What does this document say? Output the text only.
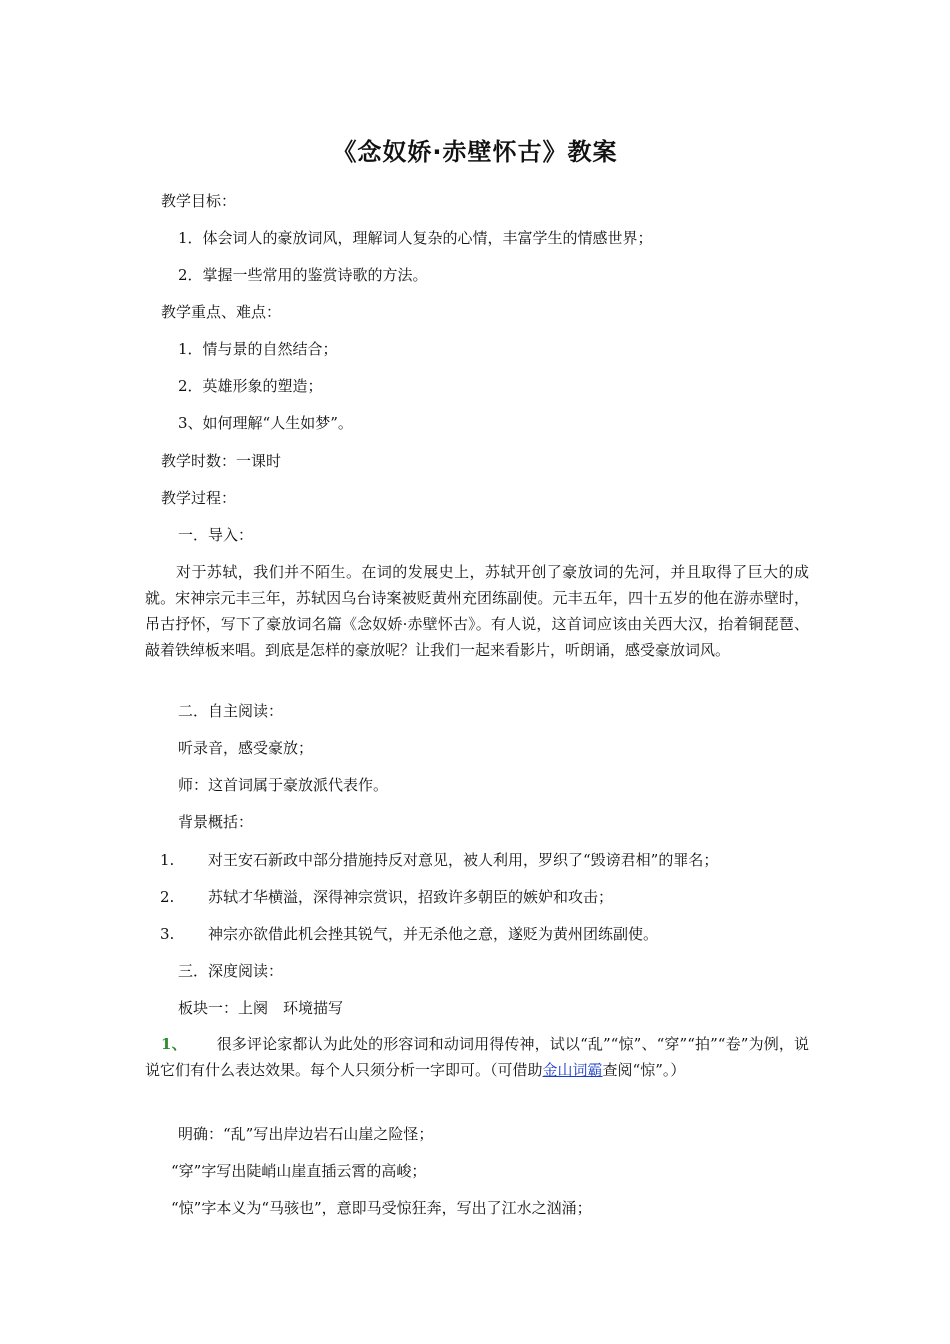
《念奴娇·赤壁怀古》教案
教学目标：
1．体会词人的豪放词风，理解词人复杂的心情，丰富学生的情感世界；
2．掌握一些常用的鉴赏诗歌的方法。
教学重点、难点：
1．情与景的自然结合；
2．英雄形象的塑造；
3、如何理解“人生如梦”。
教学时数：一课时
教学过程：
一．导入：
对于苏轼，我们并不陌生。在词的发展史上，苏轼开创了豪放词的先河，并且取得了巨大的成就。宋神宗元丰三年，苏轼因乌台诗案被贬黄州充团练副使。元丰五年，四十五岁的他在游赤壁时，吊古抒怀，写下了豪放词名篇《念奴娇·赤壁怀古》。有人说，这首词应该由关西大汉，抬着铜琵琶、敲着铁绰板来唱。到底是怎样的豪放呢？让我们一起来看影片，听朗诵，感受豪放词风。
二．自主阅读：
听录音，感受豪放；
师：这首词属于豪放派代表作。
背景概括：
1. 对王安石新政中部分措施持反对意见，被人利用，罗织了“毁谤君相”的罪名；
2. 苏轼才华横溢，深得神宗赏识，招致许多朝臣的嫉妒和攻击；
3. 神宗亦欲借此机会挫其锐气，并无杀他之意，遂贬为黄州团练副使。
三．深度阅读：
板块一：上阕　环境描写
1、 很多评论家都认为此处的形容词和动词用得传神，试以“乱”“惊”、“穿”“拍”“卷”为例，说说它们有什么表达效果。每个人只须分析一字即可。（可借助金山词霸查阅“惊”。）
明确：“乱”写出岸边岩石山崖之险怪；
“穿”字写出陡峭山崖直插云霄的高峻；
“惊”字本义为“马骇也”，意即马受惊狂奔，写出了江水之汹涌；
